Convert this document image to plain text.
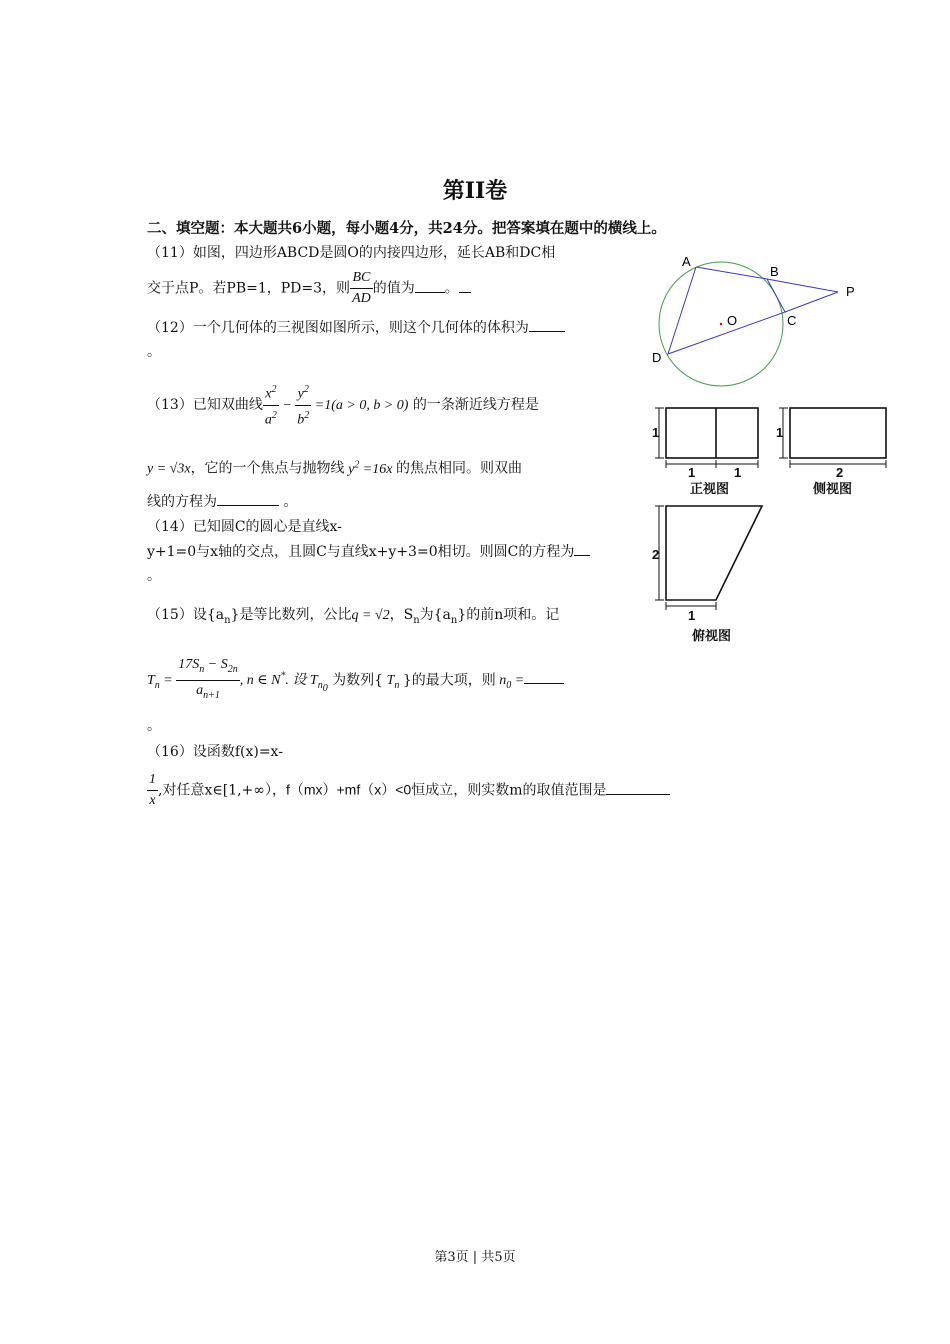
第II卷
二、填空题：本大题共6小题，每小题4分，共24分。把答案填在题中的横线上。
（11）如图，四边形ABCD是圆O的内接四边形，延长AB和DC相
交于点P。若PB=1，PD=3，则 $\frac{BC}{AD}$ 的值为 。
（12）一个几何体的三视图如图所示，则这个几何体的体积为
。
（13）已知双曲线 $\frac{x^2}{a^2} - \frac{y^2}{b^2} =1(a > 0$, b > 0) 的一条渐近线方程是
y = √3x，它的一个焦点与抛物线 $y^2 =16x$ 的焦点相同。则双曲
线的方程为	。
（14）已知圆C的圆心是直线x-
y+1=0与x轴的交点，且圆C与直线x+y+3=0相切。则圆C的方程为
。
（15）设$\{a_n\}$是等比数列，公比q = √2，$S_n$为$\{a_n\}$的前n项和。记
$T_n = \frac{17S_n - S_{2n}}{a_{n+1}}$ , n ∈ N*. 设 $T_{n_0}$ 为数列{ $T_n$ }的最大项，则 $n_0$ =
。
（16）设函数f(x)=x-
$\frac{1}{x}$ ,对任意x∈[1,+∞），f（mx）+mf（x）<0恒成立，则实数m的取值范围是
A
B
P
O	C
D
1
1	1
1
2
2
1
正视图	侧视图
俯视图
第3页 | 共5页
